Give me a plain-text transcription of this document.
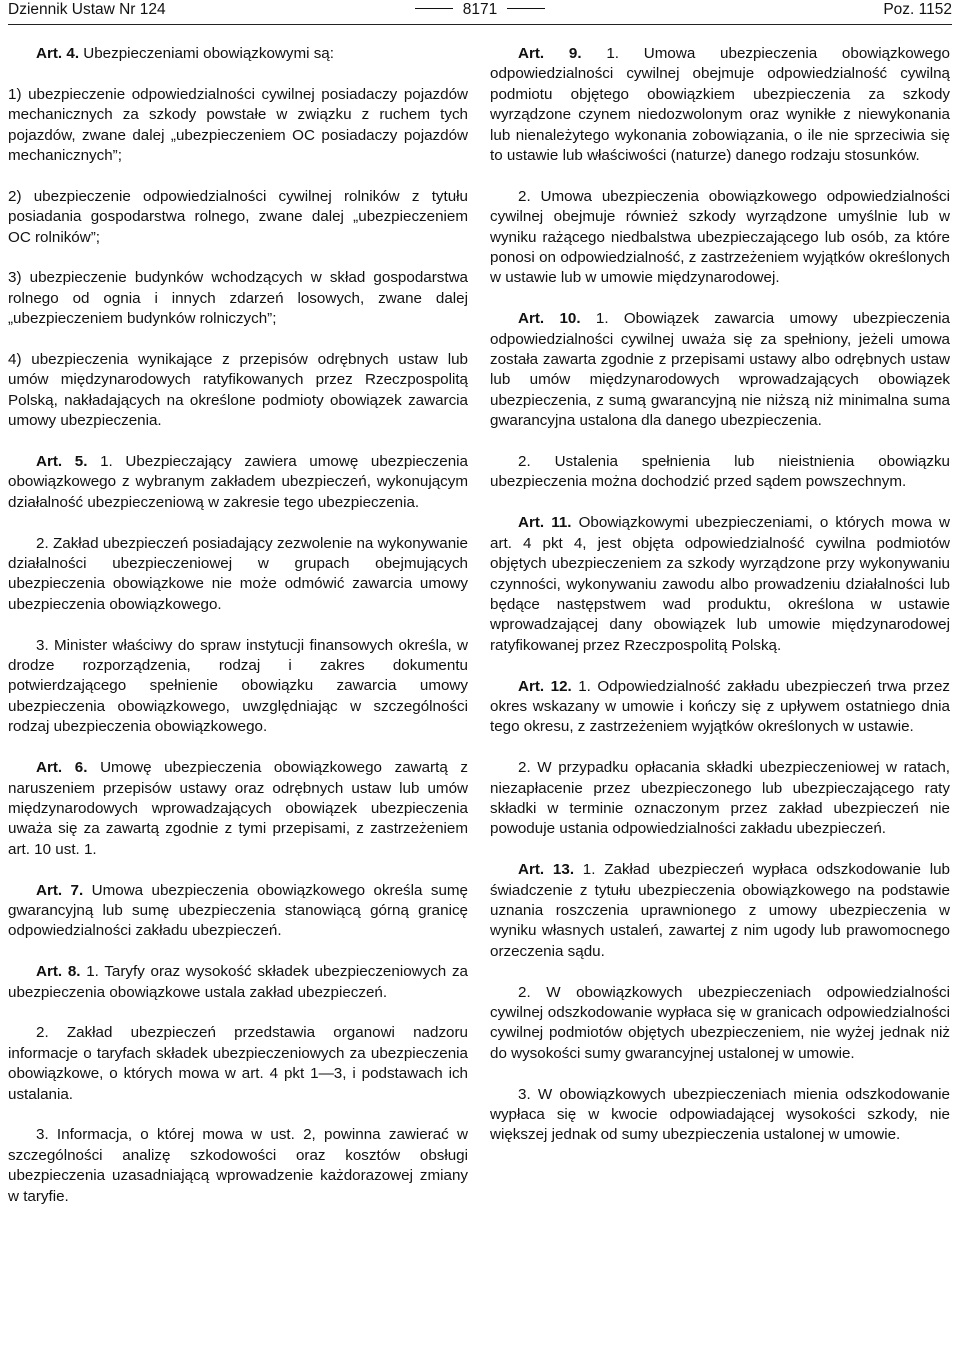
Dziennik Ustaw Nr 124	8171	Poz. 1152

Art. 4. Ubezpieczeniami obowiązkowymi są:

1) ubezpieczenie odpowiedzialności cywilnej posiadaczy pojazdów mechanicznych za szkody powstałe w związku z ruchem tych pojazdów, zwane dalej „ubezpieczeniem OC posiadaczy pojazdów mechanicznych”;

2) ubezpieczenie odpowiedzialności cywilnej rolników z tytułu posiadania gospodarstwa rolnego, zwane dalej „ubezpieczeniem OC rolników”;

3) ubezpieczenie budynków wchodzących w skład gospodarstwa rolnego od ognia i innych zdarzeń losowych, zwane dalej „ubezpieczeniem budynków rolniczych”;

4) ubezpieczenia wynikające z przepisów odrębnych ustaw lub umów międzynarodowych ratyfikowanych przez Rzeczpospolitą Polską, nakładających na określone podmioty obowiązek zawarcia umowy ubezpieczenia.

Art. 5. 1. Ubezpieczający zawiera umowę ubezpieczenia obowiązkowego z wybranym zakładem ubezpieczeń, wykonującym działalność ubezpieczeniową w zakresie tego ubezpieczenia.

2. Zakład ubezpieczeń posiadający zezwolenie na wykonywanie działalności ubezpieczeniowej w grupach obejmujących ubezpieczenia obowiązkowe nie może odmówić zawarcia umowy ubezpieczenia obowiązkowego.

3. Minister właściwy do spraw instytucji finansowych określa, w drodze rozporządzenia, rodzaj i zakres dokumentu potwierdzającego spełnienie obowiązku zawarcia umowy ubezpieczenia obowiązkowego, uwzględniając w szczególności rodzaj ubezpieczenia obowiązkowego.

Art. 6. Umowę ubezpieczenia obowiązkowego zawartą z naruszeniem przepisów ustawy oraz odrębnych ustaw lub umów międzynarodowych wprowadzających obowiązek ubezpieczenia uważa się za zawartą zgodnie z tymi przepisami, z zastrzeżeniem art. 10 ust. 1.

Art. 7. Umowa ubezpieczenia obowiązkowego określa sumę gwarancyjną lub sumę ubezpieczenia stanowiącą górną granicę odpowiedzialności zakładu ubezpieczeń.

Art. 8. 1. Taryfy oraz wysokość składek ubezpieczeniowych za ubezpieczenia obowiązkowe ustala zakład ubezpieczeń.

2. Zakład ubezpieczeń przedstawia organowi nadzoru informacje o taryfach składek ubezpieczeniowych za ubezpieczenia obowiązkowe, o których mowa w art. 4 pkt 1—3, i podstawach ich ustalania.

3. Informacja, o której mowa w ust. 2, powinna zawierać w szczególności analizę szkodowości oraz kosztów obsługi ubezpieczenia uzasadniającą wprowadzenie każdorazowej zmiany w taryfie.

Art. 9. 1. Umowa ubezpieczenia obowiązkowego odpowiedzialności cywilnej obejmuje odpowiedzialność cywilną podmiotu objętego obowiązkiem ubezpieczenia za szkody wyrządzone czynem niedozwolonym oraz wynikłe z niewykonania lub nienależytego wykonania zobowiązania, o ile nie sprzeciwia się to ustawie lub właściwości (naturze) danego rodzaju stosunków.

2. Umowa ubezpieczenia obowiązkowego odpowiedzialności cywilnej obejmuje również szkody wyrządzone umyślnie lub w wyniku rażącego niedbalstwa ubezpieczającego lub osób, za które ponosi on odpowiedzialność, z zastrzeżeniem wyjątków określonych w ustawie lub w umowie międzynarodowej.

Art. 10. 1. Obowiązek zawarcia umowy ubezpieczenia odpowiedzialności cywilnej uważa się za spełniony, jeżeli umowa została zawarta zgodnie z przepisami ustawy albo odrębnych ustaw lub umów międzynarodowych wprowadzających obowiązek ubezpieczenia, z sumą gwarancyjną nie niższą niż minimalna suma gwarancyjna ustalona dla danego ubezpieczenia.

2. Ustalenia spełnienia lub nieistnienia obowiązku ubezpieczenia można dochodzić przed sądem powszechnym.

Art. 11. Obowiązkowymi ubezpieczeniami, o których mowa w art. 4 pkt 4, jest objęta odpowiedzialność cywilna podmiotów objętych ubezpieczeniem za szkody wyrządzone przy wykonywaniu czynności, wykonywaniu zawodu albo prowadzeniu działalności lub będące następstwem wad produktu, określona w ustawie wprowadzającej dany obowiązek lub umowie międzynarodowej ratyfikowanej przez Rzeczpospolitą Polską.

Art. 12. 1. Odpowiedzialność zakładu ubezpieczeń trwa przez okres wskazany w umowie i kończy się z upływem ostatniego dnia tego okresu, z zastrzeżeniem wyjątków określonych w ustawie.

2. W przypadku opłacania składki ubezpieczeniowej w ratach, niezapłacenie przez ubezpieczonego lub ubezpieczającego raty składki w terminie oznaczonym przez zakład ubezpieczeń nie powoduje ustania odpowiedzialności zakładu ubezpieczeń.

Art. 13. 1. Zakład ubezpieczeń wypłaca odszkodowanie lub świadczenie z tytułu ubezpieczenia obowiązkowego na podstawie uznania roszczenia uprawnionego z umowy ubezpieczenia w wyniku własnych ustaleń, zawartej z nim ugody lub prawomocnego orzeczenia sądu.

2. W obowiązkowych ubezpieczeniach odpowiedzialności cywilnej odszkodowanie wypłaca się w granicach odpowiedzialności cywilnej podmiotów objętych ubezpieczeniem, nie wyżej jednak niż do wysokości sumy gwarancyjnej ustalonej w umowie.

3. W obowiązkowych ubezpieczeniach mienia odszkodowanie wypłaca się w kwocie odpowiadającej wysokości szkody, nie większej jednak od sumy ubezpieczenia ustalonej w umowie.
